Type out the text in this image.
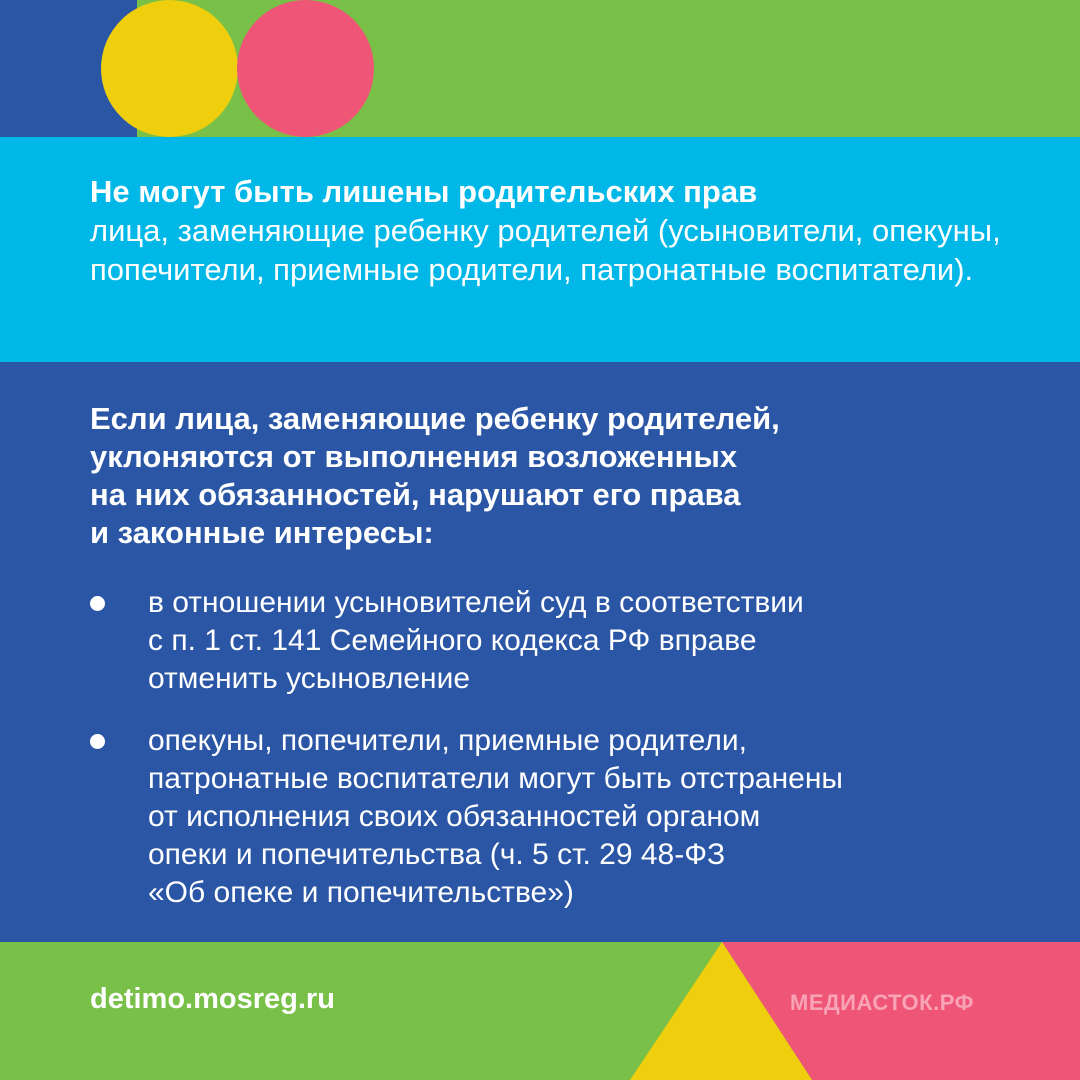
Не могут быть лишены родительских прав
лица, заменяющие ребенку родителей (усыновители, опекуны, попечители, приемные родители, патронатные воспитатели).
Если лица, заменяющие ребенку родителей,
уклоняются от выполнения возложенных
на них обязанностей, нарушают его права
и законные интересы:
в отношении усыновителей суд в соответствии
с п. 1 ст. 141 Семейного кодекса РФ вправе
отменить усыновление
опекуны, попечители, приемные родители,
патронатные воспитатели могут быть отстранены
от исполнения своих обязанностей органом
опеки и попечительства (ч. 5 ст. 29 48-ФЗ
«Об опеке и попечительстве»)
detimo.mosreg.ru	МЕДИАСТОК.РФ
